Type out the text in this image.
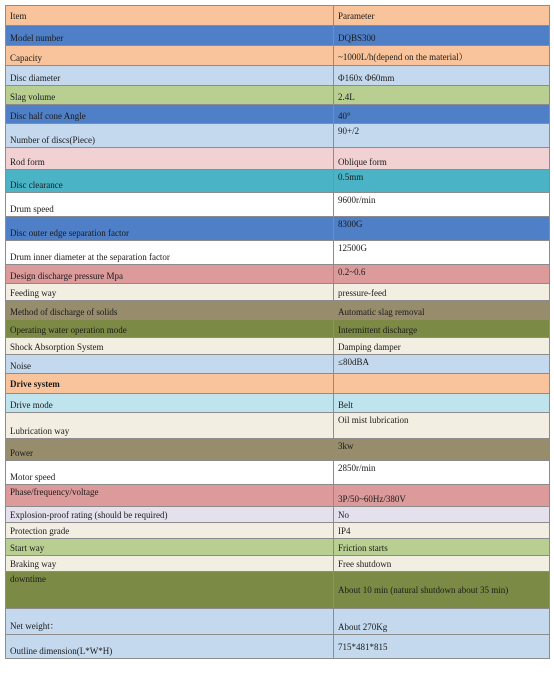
Item	Parameter
Model number	DQBS300
Capacity	~1000L/h(depend on the material）
Disc diameter	Φ160x Φ60mm
Slag volume	2.4L
Disc half cone Angle	40°
Number of discs(Piece)	90+/2
Rod form	Oblique form
Disc clearance	0.5mm
Drum speed	9600r/min
Disc outer edge separation factor	8300G
Drum inner diameter at the separation factor	12500G
Design discharge pressure Mpa	0.2~0.6
Feeding way	pressure-feed
Method of discharge of solids	Automatic slag removal
Operating water operation mode	Intermittent discharge
Shock Absorption System	Damping damper
Noise	≤80dBA
Drive system	
Drive mode	Belt
Lubrication way	Oil mist lubrication
Power	3kw
Motor speed	2850r/min
Phase/frequency/voltage	3P/50~60Hz/380V
Explosion-proof rating (should be required)	No
Protection grade	IP4
Start way	Friction starts
Braking way	Free shutdown
downtime	About 10 min (natural shutdown about 35 min)
Net weight：	About 270Kg
Outline dimension(L*W*H)	715*481*815
